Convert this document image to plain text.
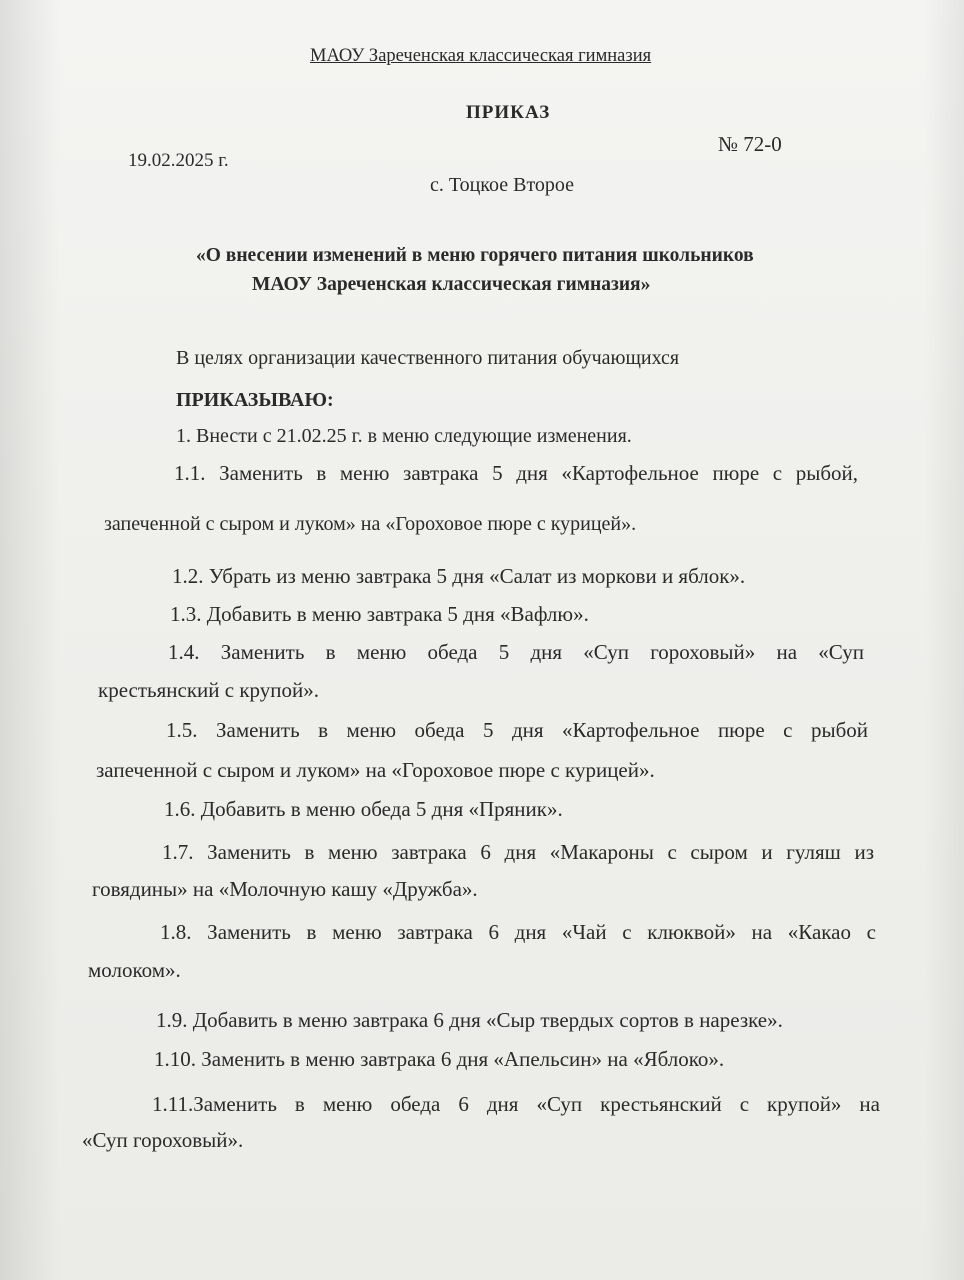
МАОУ Зареченская классическая гимназия
ПРИКАЗ
№ 72-0
19.02.2025 г.
с. Тоцкое Второе
«О внесении изменений в меню горячего питания школьников
МАОУ Зареченская классическая гимназия»
В целях организации качественного питания обучающихся
ПРИКАЗЫВАЮ:
1. Внести с 21.02.25 г. в меню следующие изменения.
1.1. Заменить в меню завтрака 5 дня «Картофельное пюре с рыбой,
запеченной с сыром и луком» на «Гороховое пюре с курицей».
1.2. Убрать из меню завтрака 5 дня «Салат из моркови и яблок».
1.3. Добавить в меню завтрака 5 дня «Вафлю».
1.4. Заменить в меню обеда 5 дня «Суп гороховый» на «Суп
крестьянский с крупой».
1.5. Заменить в меню обеда 5 дня «Картофельное пюре с рыбой
запеченной с сыром и луком» на «Гороховое пюре с курицей».
1.6. Добавить в меню обеда 5 дня «Пряник».
1.7. Заменить в меню завтрака 6 дня «Макароны с сыром и гуляш из
говядины» на «Молочную кашу «Дружба».
1.8. Заменить в меню завтрака 6 дня «Чай с клюквой» на «Какао с
молоком».
1.9. Добавить в меню завтрака 6 дня «Сыр твердых сортов в нарезке».
1.10. Заменить в меню завтрака 6 дня «Апельсин» на «Яблоко».
1.11.Заменить в меню обеда 6 дня «Суп крестьянский с крупой» на
«Суп гороховый».
